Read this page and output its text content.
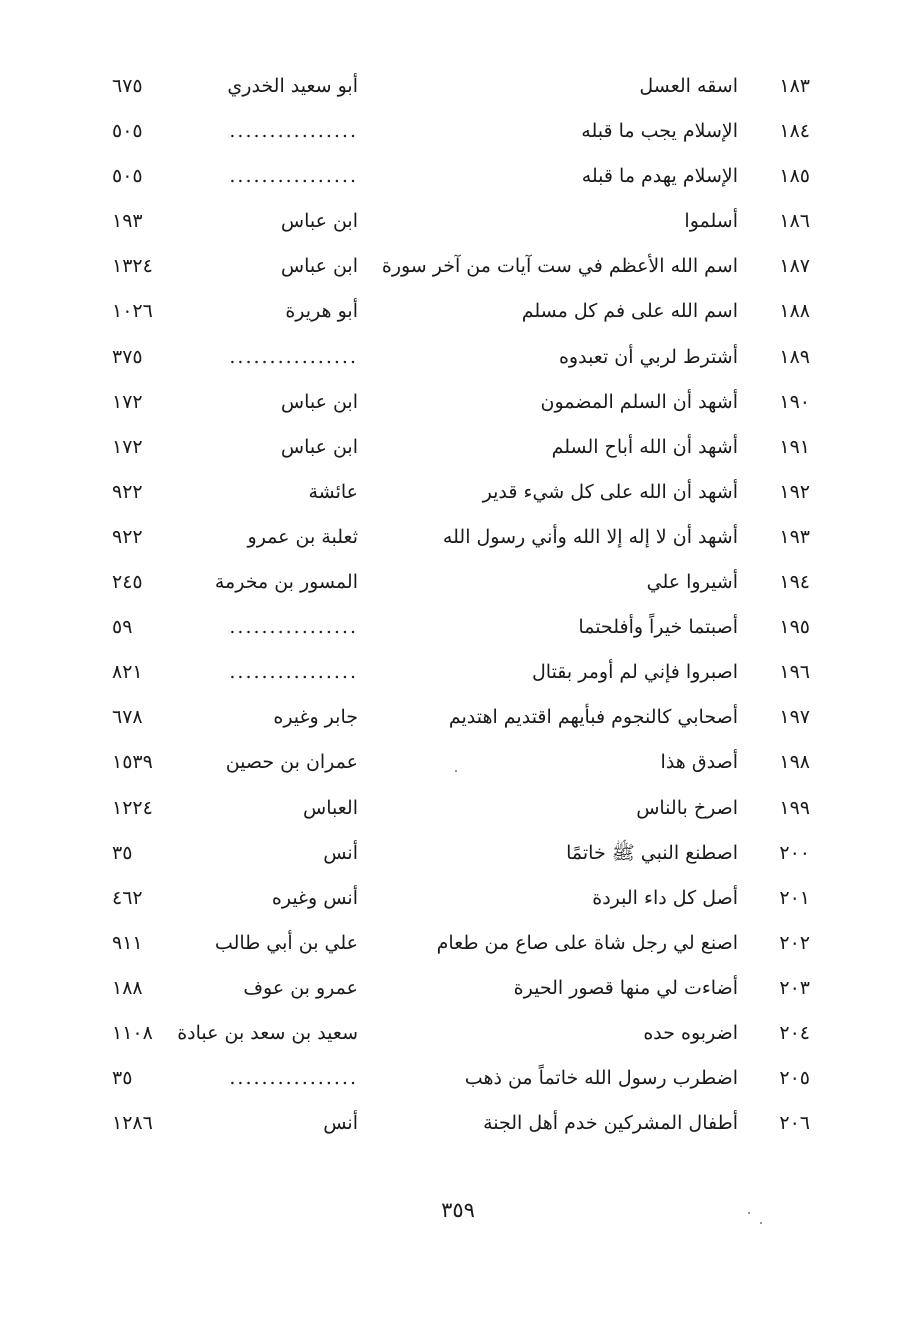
١٨٣
اسقه العسل
أبو سعيد الخدري
٦٧٥
١٨٤
الإسلام يجب ما قبله
................
٥٠٥
١٨٥
الإسلام يهدم ما قبله
................
٥٠٥
١٨٦
أسلموا
ابن عباس
١٩٣
١٨٧
اسم الله الأعظم في ست آيات من آخر سورة
ابن عباس
١٣٢٤
١٨٨
اسم الله على فم كل مسلم
أبو هريرة
١٠٢٦
١٨٩
أشترط لربي أن تعبدوه
................
٣٧٥
١٩٠
أشهد أن السلم المضمون
ابن عباس
١٧٢
١٩١
أشهد أن الله أباح السلم
ابن عباس
١٧٢
١٩٢
أشهد أن الله على كل شيء قدير
عائشة
٩٢٢
١٩٣
أشهد أن لا إله إلا الله وأني رسول الله
ثعلبة بن عمرو
٩٢٢
١٩٤
أشيروا علي
المسور بن مخرمة
٢٤٥
١٩٥
أصبتما خيراً وأفلحتما
................
٥٩
١٩٦
اصبروا فإني لم أومر بقتال
................
٨٢١
١٩٧
أصحابي كالنجوم فبأيهم اقتديم اهتديم
جابر وغيره
٦٧٨
١٩٨
أصدق هذا
عمران بن حصين
١٥٣٩
١٩٩
اصرخ بالناس
العباس
١٢٢٤
٢٠٠
اصطنع النبي ﷺ خاتمًا
أنس
٣٥
٢٠١
أصل كل داء البردة
أنس وغيره
٤٦٢
٢٠٢
اصنع لي رجل شاة على صاع من طعام
علي بن أبي طالب
٩١١
٢٠٣
أضاءت لي منها قصور الحيرة
عمرو بن عوف
١٨٨
٢٠٤
اضربوه حده
سعيد بن سعد بن عبادة
١١٠٨
٢٠٥
اضطرب رسول الله خاتماً من ذهب
................
٣٥
٢٠٦
أطفال المشركين خدم أهل الجنة
أنس
١٢٨٦
٣٥٩
